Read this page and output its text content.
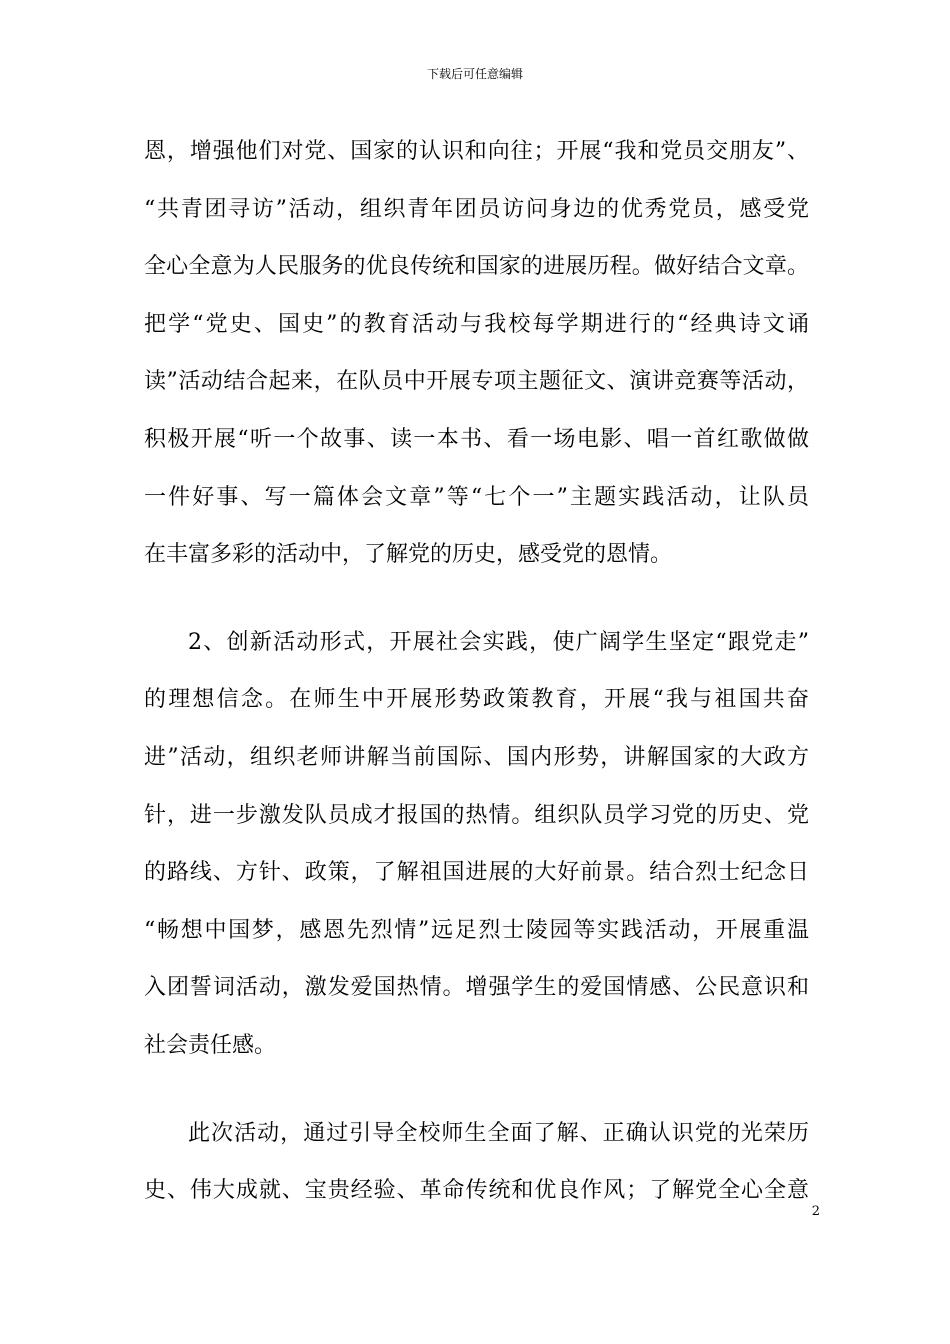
下载后可任意编辑
恩，增强他们对党、国家的认识和向往；开展“我和党员交朋友”、
“共青团寻访”活动，组织青年团员访问身边的优秀党员，感受党
全心全意为人民服务的优良传统和国家的进展历程。做好结合文章。
把学“党史、国史”的教育活动与我校每学期进行的“经典诗文诵
读”活动结合起来，在队员中开展专项主题征文、演讲竞赛等活动，
积极开展“听一个故事、读一本书、看一场电影、唱一首红歌做做
一件好事、写一篇体会文章”等“七个一”主题实践活动，让队员
在丰富多彩的活动中，了解党的历史，感受党的恩情。
2、创新活动形式，开展社会实践，使广阔学生坚定“跟党走”
的理想信念。在师生中开展形势政策教育，开展“我与祖国共奋
进”活动，组织老师讲解当前国际、国内形势，讲解国家的大政方
针，进一步激发队员成才报国的热情。组织队员学习党的历史、党
的路线、方针、政策，了解祖国进展的大好前景。结合烈士纪念日
“畅想中国梦，感恩先烈情”远足烈士陵园等实践活动，开展重温
入团誓词活动，激发爱国热情。增强学生的爱国情感、公民意识和
社会责任感。
此次活动，通过引导全校师生全面了解、正确认识党的光荣历
史、伟大成就、宝贵经验、革命传统和优良作风；了解党全心全意
2
